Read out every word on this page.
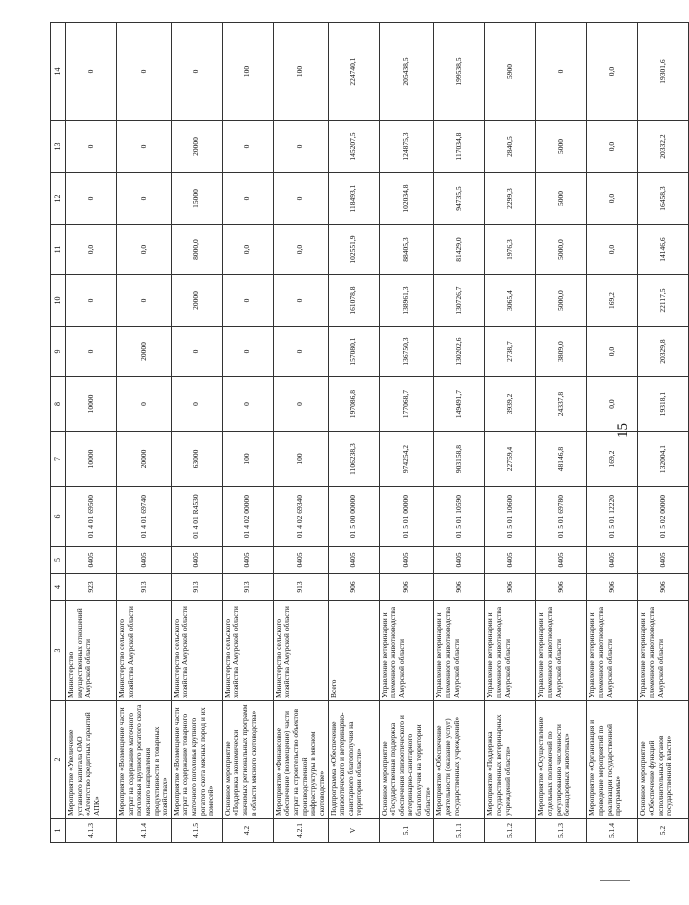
1	2	3	4	5	6	7	8	9	10	11	12	13	14
4.1.3	Мероприятие «Увеличение уставного капитала ОАО «Агентство кредитных гарантий АПК»	Министерство имущественных отношений Амурской области	923	0405	01 4 01 69500	10000	10000	0	0	0,0	0	0	0
4.1.4	Мероприятие «Возмещение части затрат на содержание маточного поголовья крупного рогатого скота мясного направления продуктивности в товарных хозяйствах»	Министерство сельского хозяйства Амурской области	913	0405	01 4 01 69740	20000	0	20000	0	0,0	0	0	0
4.1.5	Мероприятие «Возмещение части затрат на содержание товарного маточного поголовья крупного рогатого скота мясных пород и их помесей»	Министерство сельского хозяйства Амурской области	913	0405	01 4 01 R4530	63000	0	0	20000	8000,0	15000	20000	0
4.2	Основное мероприятие «Поддержка экономически значимых региональных программ в области мясного скотоводства»	Министерство сельского хозяйства Амурской области	913	0405	01 4 02 00000	100	0	0	0	0,0	0	0	100
4.2.1	Мероприятие «Финансовое обеспечение (возмещение) части затрат на строительство объектов производственной инфраструктуры в мясном скотоводстве»	Министерство сельского хозяйства Амурской области	913	0405	01 4 02 69340	100	0	0	0	0,0	0	0	100
V	Подпрограмма «Обеспечение эпизоотического и ветеринарно-санитарного благополучия на территории области»	Всего	906	0405	01 5 00 00000	1106238,3	197086,8	157080,1	161078,8	102551,9	118493,1	145207,5	224740,1
5.1	Основное мероприятие «Государственная поддержка обеспечения эпизоотического и ветеринарно-санитарного благополучия на территории области»	Управление ветеринарии и племенного животноводства Амурской области	906	0405	01 5 01 00000	974254,2	177068,7	136750,3	138961,3	88405,3	102034,8	124875,3	205438,5
5.1.1	Мероприятие «Обеспечение деятельности (оказание услуг) государственных учреждений»	Управление ветеринарии и племенного животноводства Амурской области	906	0405	01 5 01 10590	903158,8	149491,7	130202,6	130726,7	81429,0	94735,5	117034,8	199538,5
5.1.2	Мероприятие «Поддержка государственных ветеринарных учреждений области»	Управление ветеринарии и племенного животноводства Амурской области	906	0405	01 5 01 10600	22759,4	3939,2	2738,7	3065,4	1976,3	2299,3	2840,5	5900
5.1.3	Мероприятие «Осуществление отдельных полномочий по регулированию численности безнадзорных животных»	Управление ветеринарии и племенного животноводства Амурской области	906	0405	01 5 01 69780	48146,8	24337,8	3809,0	5000,0	5000,0	5000	5000	0
5.1.4	Мероприятие «Организация и проведение мероприятий по реализации государственной программы»	Управление ветеринарии и племенного животноводства Амурской области	906	0405	01 5 01 12220	169,2	0,0	0,0	169,2	0,0	0,0	0,0	0,0
5.2	Основное мероприятие «Обеспечение функций исполнительных органов государственной власти»	Управление ветеринарии и племенного животноводства Амурской области	906	0405	01 5 02 00000	132004,1	19318,1	20329,8	22117,5	14146,6	16458,3	20332,2	19301,6
15
